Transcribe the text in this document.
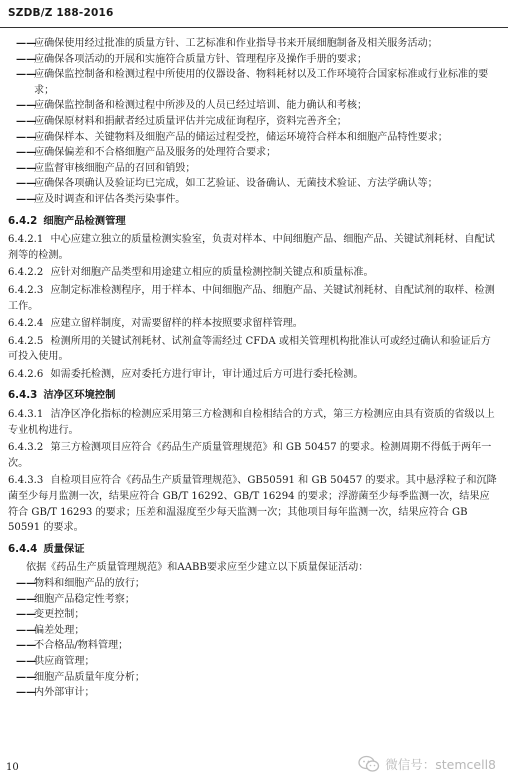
SZDB/Z 188-2016

——
应确保使用经过批准的质量方针、工艺标准和作业指导书来开展细胞制备及相关服务活动；

——
应确保各项活动的开展和实施符合质量方针、管理程序及操作手册的要求；

——
应确保监控制备和检测过程中所使用的仪器设备、物料耗材以及工作环境符合国家标准或行业标准的要求；

——
应确保监控制备和检测过程中所涉及的人员已经过培训、能力确认和考核；

——
应确保原材料和捐献者经过质量评估并完成征询程序，资料完善齐全；

——
应确保样本、关键物料及细胞产品的储运过程受控，储运环境符合样本和细胞产品特性要求；

——
应确保偏差和不合格细胞产品及服务的处理符合要求；

——
应监督审核细胞产品的召回和销毁；

——
应确保各项确认及验证均已完成，如工艺验证、设备确认、无菌技术验证、方法学确认等；

——
应及时调查和评估各类污染事件。

6.4.2 细胞产品检测管理

6.4.2.1 中心应建立独立的质量检测实验室，负责对样本、中间细胞产品、细胞产品、关键试剂耗材、自配试剂等的检测。

6.4.2.2 应针对细胞产品类型和用途建立相应的质量检测控制关键点和质量标准。

6.4.2.3 应制定标准检测程序，用于样本、中间细胞产品、细胞产品、关键试剂耗材、自配试剂的取样、检测工作。

6.4.2.4 应建立留样制度，对需要留样的样本按照要求留样管理。

6.4.2.5 检测所用的关键试剂耗材、试剂盒等需经过 CFDA 或相关管理机构批准认可或经过确认和验证后方可投入使用。

6.4.2.6 如需委托检测，应对委托方进行审计，审计通过后方可进行委托检测。

6.4.3 洁净区环境控制

6.4.3.1 洁净区净化指标的检测应采用第三方检测和自检相结合的方式，第三方检测应由具有资质的省级以上专业机构进行。

6.4.3.2 第三方检测项目应符合《药品生产质量管理规范》和 GB 50457 的要求。检测周期不得低于两年一次。

6.4.3.3 自检项目应符合《药品生产质量管理规范》、GB50591 和 GB 50457 的要求。其中悬浮粒子和沉降菌至少每月监测一次，结果应符合 GB/T 16292、GB/T 16294 的要求；浮游菌至少每季监测一次，结果应符合 GB/T 16293 的要求；压差和温湿度至少每天监测一次；其他项目每年监测一次，结果应符合 GB 50591 的要求。

6.4.4 质量保证

依据《药品生产质量管理规范》和AABB要求应至少建立以下质量保证活动：

——
物料和细胞产品的放行；

——
细胞产品稳定性考察；

——
变更控制；

——
偏差处理；

——
不合格品/物料管理；

——
供应商管理；

——
细胞产品质量年度分析；

——
内外部审计；

10	微信号：stemcell8
